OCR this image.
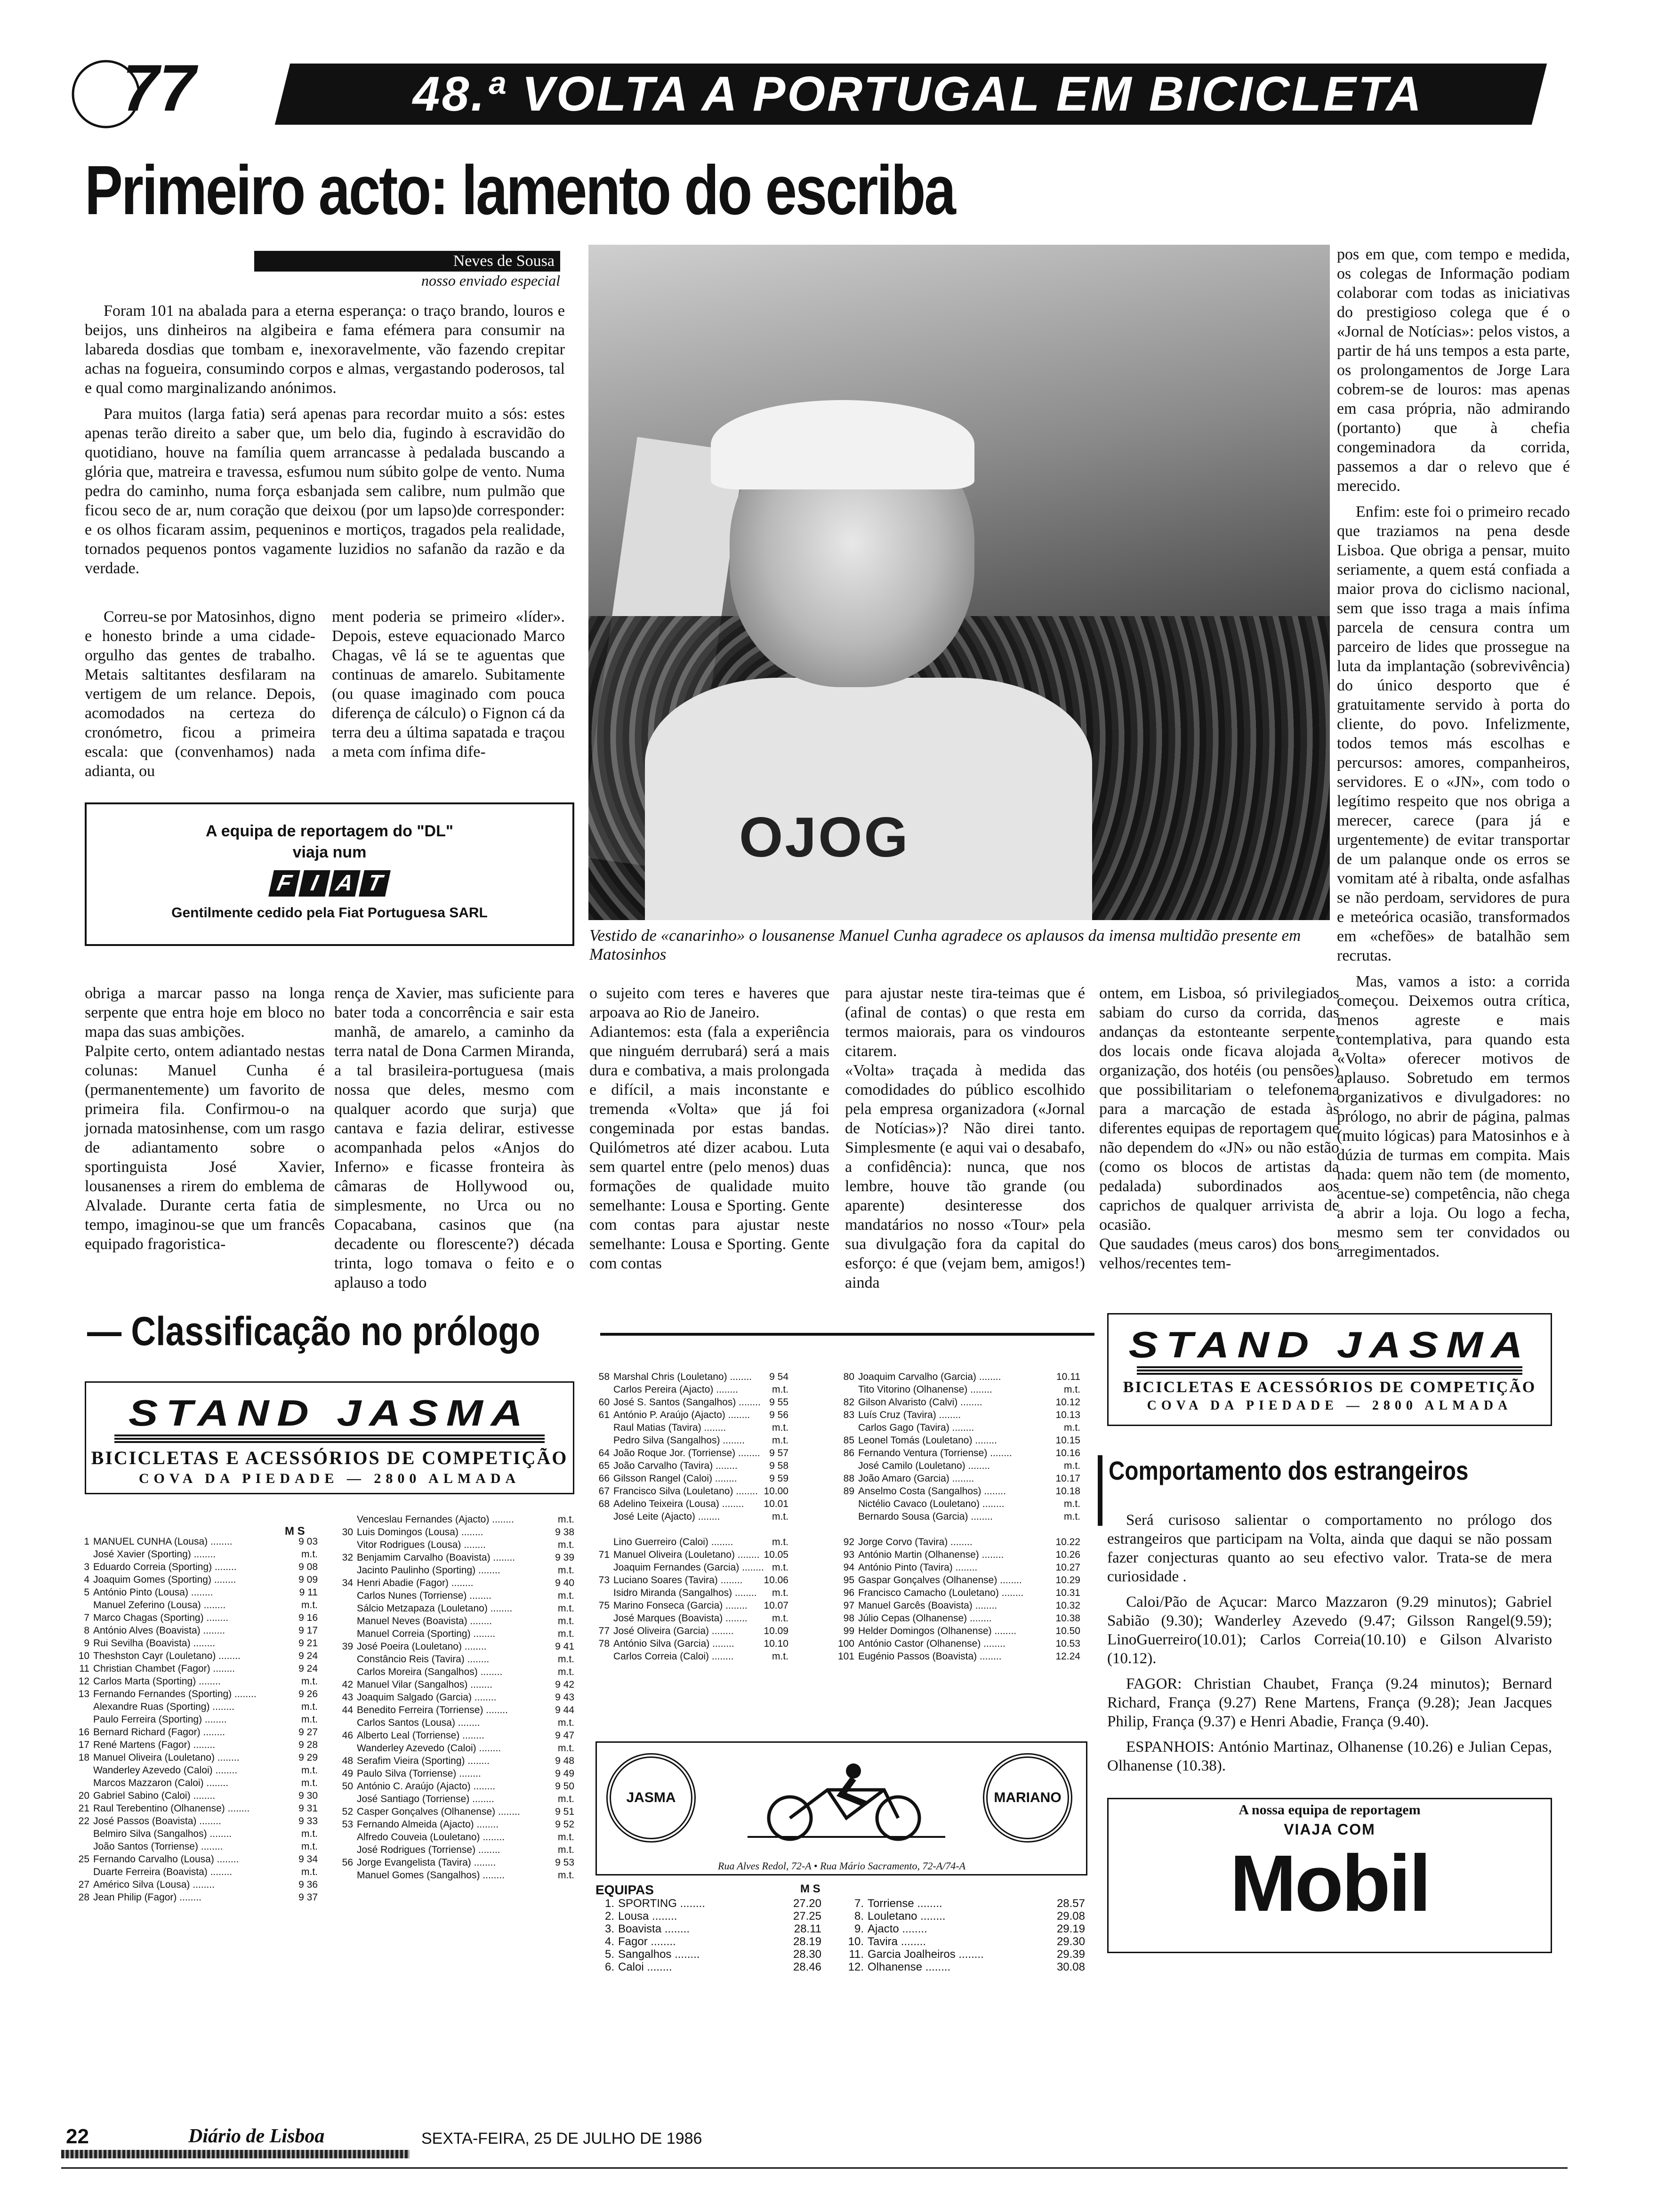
77	48.ª VOLTA A PORTUGAL EM BICICLETA
Primeiro acto: lamento do escriba
Neves de Sousa
nosso enviado especial

Foram 101 na abalada para a eterna esperança: o traço brando, louros e beijos, uns dinheiros na algibeira e fama efémera para consumir na labareda dosdias que tombam e, inexoravelmente, vão fazendo crepitar achas na fogueira, consumindo corpos e almas, vergastando poderosos, tal e qual como marginalizando anónimos.

Para muitos (larga fatia) será apenas para recordar muito a sós: estes apenas terão direito a saber que, um belo dia, fugindo à escravidão do quotidiano, houve na família quem arrancasse à pedalada buscando a glória que, matreira e travessa, esfumou num súbito golpe de vento. Numa pedra do caminho, numa força esbanjada sem calibre, num pulmão que ficou seco de ar, num coração que deixou (por um lapso)de corresponder: e os olhos ficaram assim, pequeninos e mortiços, tragados pela realidade, tornados pequenos pontos vagamente luzidios no safanão da razão e da verdade.

Correu-se por Matosinhos, digno e honesto brinde a uma cidade-orgulho das gentes de trabalho. Metais saltitantes desfilaram na vertigem de um relance. Depois, acomodados na certeza do cronómetro, ficou a primeira escala: que (convenhamos) nada adianta, ou

ment poderia se primeiro «líder». Depois, esteve equacionado Marco Chagas, vê lá se te aguentas que continuas de amarelo. Subitamente (ou quase imaginado com pouca diferença de cálculo) o Fignon cá da terra deu a última sapatada e traçou a meta com ínfima dife-

A equipa de reportagem do "DL"
viaja num
F I A T
Gentilmente cedido pela Fiat Portuguesa SARL
OJOG
Vestido de «canarinho» o lousanense Manuel Cunha agradece os aplausos da imensa multidão presente em Matosinhos

pos em que, com tempo e medida, os colegas de Informação podiam colaborar com todas as iniciativas do prestigioso colega que é o «Jornal de Notícias»: pelos vistos, a partir de há uns tempos a esta parte, os prolongamentos de Jorge Lara cobrem-se de louros: mas apenas em casa própria, não admirando (portanto) que à chefia congeminadora da corrida, passemos a dar o relevo que é merecido.

Enfim: este foi o primeiro recado que traziamos na pena desde Lisboa. Que obriga a pensar, muito seriamente, a quem está confiada a maior prova do ciclismo nacional, sem que isso traga a mais ínfima parcela de censura contra um parceiro de lides que prossegue na luta da implantação (sobrevivência) do único desporto que é gratuitamente servido à porta do cliente, do povo. Infelizmente, todos temos más escolhas e percursos: amores, companheiros, servidores. E o «JN», com todo o legítimo respeito que nos obriga a merecer, carece (para já e urgentemente) de evitar transportar de um palanque onde os erros se vomitam até à ribalta, onde asfalhas se não perdoam, servidores de pura e meteórica ocasião, transformados em «chefões» de batalhão sem recrutas.

Mas, vamos a isto: a corrida começou. Deixemos outra crítica, menos agreste e mais contemplativa, para quando esta «Volta» oferecer motivos de aplauso. Sobretudo em termos organizativos e divulgadores: no prólogo, no abrir de página, palmas (muito lógicas) para Matosinhos e à dúzia de turmas em compita. Mais nada: quem não tem (de momento, acentue-se) competência, não chega a abrir a loja. Ou logo a fecha, mesmo sem ter convidados ou arregimentados.

obriga a marcar passo na longa serpente que entra hoje em bloco no mapa das suas ambições.
Palpite certo, ontem adiantado nestas colunas: Manuel Cunha é (permanentemente) um favorito de primeira fila. Confirmou-o na jornada matosinhense, com um rasgo de adiantamento sobre o sportinguista José Xavier, lousanenses a rirem do emblema de Alvalade. Durante certa fatia de tempo, imaginou-se que um francês equipado fragoristica-
rença de Xavier, mas suficiente para bater toda a concorrência e sair esta manhã, de amarelo, a caminho da terra natal de Dona Carmen Miranda, a tal brasileira-portuguesa (mais nossa que deles, mesmo com qualquer acordo que surja) que cantava e fazia delirar, estivesse acompanhada pelos «Anjos do Inferno» e ficasse fronteira às câmaras de Hollywood ou, simplesmente, no Urca ou no Copacabana, casinos que (na decadente ou florescente?) década trinta, logo tomava o feito e o aplauso a todo
o sujeito com teres e haveres que arpoava ao Rio de Janeiro.
Adiantemos: esta (fala a experiência que ninguém derrubará) será a mais dura e combativa, a mais prolongada e difícil, a mais inconstante e tremenda «Volta» que já foi congeminada por estas bandas. Quilómetros até dizer acabou. Luta sem quartel entre (pelo menos) duas formações de qualidade muito semelhante: Lousa e Sporting. Gente com contas para ajustar neste semelhante: Lousa e Sporting. Gente com contas
para ajustar neste tira-teimas que é (afinal de contas) o que resta em termos maiorais, para os vindouros citarem.
«Volta» traçada à medida das comodidades do público escolhido pela empresa organizadora («Jornal de Notícias»)? Não direi tanto. Simplesmente (e aqui vai o desabafo, a confidência): nunca, que nos lembre, houve tão grande (ou aparente) desinteresse dos mandatários no nosso «Tour» pela sua divulgação fora da capital do esforço: é que (vejam bem, amigos!) ainda
ontem, em Lisboa, só privilegiados sabiam do curso da corrida, das andanças da estonteante serpente, dos locais onde ficava alojada a organização, dos hotéis (ou pensões) que possibilitariam o telefonema para a marcação de estada às diferentes equipas de reportagem que não dependem do «JN» ou não estão (como os blocos de artistas da pedalada) subordinados aos caprichos de qualquer arrivista de ocasião.
Que saudades (meus caros) dos bons velhos/recentes tem-
— Classificação no prólogo
STAND JASMA
BICICLETAS E ACESSÓRIOS DE COMPETIÇÃO
COVA DA PIEDADE — 2800 ALMADA
STAND JASMA
BICICLETAS E ACESSÓRIOS DE COMPETIÇÃO
COVA DA PIEDADE — 2800 ALMADA
M S
1 MANUEL CUNHA (Lousa) ........	9 03
José Xavier (Sporting) ........	m.t.
3 Eduardo Correia (Sporting) ........	9 08
4 Joaquim Gomes (Sporting) ........	9 09
5 António Pinto (Lousa) ........	9 11
Manuel Zeferino (Lousa) ........	m.t.
7 Marco Chagas (Sporting) ........	9 16
8 António Alves (Boavista) ........	9 17
9 Rui Sevilha (Boavista) ........	9 21
10 Theshston Cayr (Louletano) ........	9 24
11 Christian Chambet (Fagor) ........	9 24
12 Carlos Marta (Sporting) ........	m.t.
13 Fernando Fernandes (Sporting) ........	9 26
Alexandre Ruas (Sporting) ........	m.t.
Paulo Ferreira (Sporting) ........	m.t.
16 Bernard Richard (Fagor) ........	9 27
17 René Martens (Fagor) ........	9 28
18 Manuel Oliveira (Louletano) ........	9 29
Wanderley Azevedo (Caloi) ........	m.t.
Marcos Mazzaron (Caloi) ........	m.t.
20 Gabriel Sabino (Caloi) ........	9 30
21 Raul Terebentino (Olhanense) ........	9 31
22 José Passos (Boavista) ........	9 33
Belmiro Silva (Sangalhos) ........	m.t.
João Santos (Torriense) ........	m.t.
25 Fernando Carvalho (Lousa) ........	9 34
Duarte Ferreira (Boavista) ........	m.t.
27 Américo Silva (Lousa) ........	9 36
28 Jean Philip (Fagor) ........	9 37
Venceslau Fernandes (Ajacto) ........	m.t.
30 Luis Domingos (Lousa) ........	9 38
Vitor Rodrigues (Lousa) ........	m.t.
32 Benjamim Carvalho (Boavista) ........	9 39
Jacinto Paulinho (Sporting) ........	m.t.
34 Henri Abadie (Fagor) ........	9 40
Carlos Nunes (Torriense) ........	m.t.
Sálcio Metzapaza (Louletano) ........	m.t.
Manuel Neves (Boavista) ........	m.t.
Manuel Correia (Sporting) ........	m.t.
39 José Poeira (Louletano) ........	9 41
Constâncio Reis (Tavira) ........	m.t.
Carlos Moreira (Sangalhos) ........	m.t.
42 Manuel Vilar (Sangalhos) ........	9 42
43 Joaquim Salgado (Garcia) ........	9 43
44 Benedito Ferreira (Torriense) ........	9 44
Carlos Santos (Lousa) ........	m.t.
46 Alberto Leal (Torriense) ........	9 47
Wanderley Azevedo (Caloi) ........	m.t.
48 Serafim Vieira (Sporting) ........	9 48
49 Paulo Silva (Torriense) ........	9 49
50 António C. Araújo (Ajacto) ........	9 50
José Santiago (Torriense) ........	m.t.
52 Casper Gonçalves (Olhanense) ........	9 51
53 Fernando Almeida (Ajacto) ........	9 52
Alfredo Couveia (Louletano) ........	m.t.
José Rodrigues (Torriense) ........	m.t.
56 Jorge Evangelista (Tavira) ........	9 53
Manuel Gomes (Sangalhos) ........	m.t.
58 Marshal Chris (Louletano) ........ 9 54
Carlos Pereira (Ajacto) ........	m.t.
60 José S. Santos (Sangalhos) ........ 9 55
61 António P. Araújo (Ajacto) ........ 9 56
Raul Matias (Tavira) ........	m.t.
Pedro Silva (Sangalhos) ........	m.t.
64 João Roque Jor. (Torriense) ........ 9 57
65 João Carvalho (Tavira) ........	9 58
66 Gilsson Rangel (Caloi) ........	9 59
67 Francisco Silva (Louletano) ........ 10.00
68 Adelino Teixeira (Lousa) ........ 10.01
José Leite (Ajacto) ........	m.t.
Lino Guerreiro (Caloi) ........	m.t.
71 Manuel Oliveira (Louletano) ........ 10.05
Joaquim Fernandes (Garcia) ........ m.t.
73 Luciano Soares (Tavira) ........ 10.06
Isidro Miranda (Sangalhos) ........ m.t.
75 Marino Fonseca (Garcia) ........ 10.07
José Marques (Boavista) ........ m.t.
77 José Oliveira (Garcia) ........	10.09
78 António Silva (Garcia) ........	10.10
Carlos Correia (Caloi) ........	m.t.
80 Joaquim Carvalho (Garcia) ........	10.11
Tito Vitorino (Olhanense) ........	m.t.
82 Gilson Alvaristo (Calvi) ........	10.12
83 Luís Cruz (Tavira) ........	10.13
Carlos Gago (Tavira) ........	m.t.
85 Leonel Tomás (Louletano) ........	10.15
86 Fernando Ventura (Torriense) ........	10.16
José Camilo (Louletano) ........	m.t.
88 João Amaro (Garcia) ........	10.17
89 Anselmo Costa (Sangalhos) ........	10.18
Nictélio Cavaco (Louletano) ........	m.t.
Bernardo Sousa (Garcia) ........	m.t.
92 Jorge Corvo (Tavira) ........	10.22
93 António Martin (Olhanense) ........	10.26
94 António Pinto (Tavira) ........	10.27
95 Gaspar Gonçalves (Olhanense) ........	10.29
96 Francisco Camacho (Louletano) ........	10.31
97 Manuel Garcês (Boavista) ........	10.32
98 Júlio Cepas (Olhanense) ........	10.38
99 Helder Domingos (Olhanense) ........	10.50
100 António Castor (Olhanense) ........	10.53
101 Eugénio Passos (Boavista) ........	12.24
JASMA	MARIANO
Rua Alves Redol, 72-A • Rua Mário Sacramento, 72-A/74-A
EQUIPAS	M S
1. SPORTING ........	27.20
2. Lousa ........	27.25
3. Boavista ........	28.11
4. Fagor ........	28.19
5. Sangalhos ........	28.30
6. Caloi ........	28.46
7. Torriense ........	28.57
8. Louletano ........	29.08
9. Ajacto ........	29.19
10. Tavira ........	29.30
11. Garcia Joalheiros ........	29.39
12. Olhanense ........	30.08
Comportamento dos estrangeiros

Será curisoso salientar o comportamento no prólogo dos estrangeiros que participam na Volta, ainda que daqui se não possam fazer conjecturas quanto ao seu efectivo valor. Trata-se de mera curiosidade .

Caloi/Pão de Açucar: Marco Mazzaron (9.29 minutos); Gabriel Sabião (9.30); Wanderley Azevedo (9.47; Gilsson Rangel(9.59); LinoGuerreiro(10.01); Carlos Correia(10.10) e Gilson Alvaristo (10.12).

FAGOR: Christian Chaubet, França (9.24 minutos); Bernard Richard, França (9.27) Rene Martens, França (9.28); Jean Jacques Philip, França (9.37) e Henri Abadie, França (9.40).

ESPANHOIS: António Martinaz, Olhanense (10.26) e Julian Cepas, Olhanense (10.38).

A nossa equipa de reportagem
VIAJA COM
Mobil
22	Diário de Lisboa	SEXTA-FEIRA, 25 DE JULHO DE 1986
